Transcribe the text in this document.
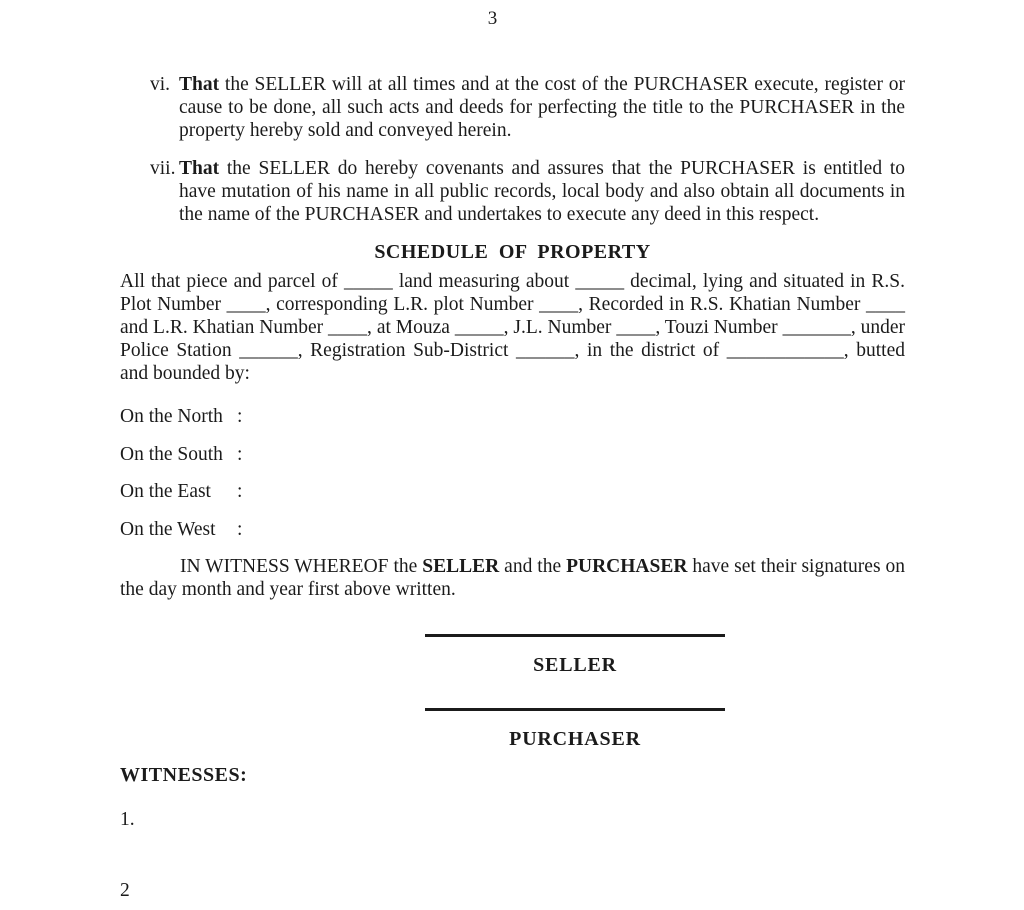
3
vi. That the SELLER will at all times and at the cost of the PURCHASER execute, register or cause to be done, all such acts and deeds for perfecting the title to the PURCHASER in the property hereby sold and conveyed herein.
vii. That the SELLER do hereby covenants and assures that the PURCHASER is entitled to have mutation of his name in all public records, local body and also obtain all documents in the name of the PURCHASER and undertakes to execute any deed in this respect.
SCHEDULE OF PROPERTY
All that piece and parcel of _____ land measuring about _____ decimal, lying and situated in R.S. Plot Number ____, corresponding L.R. plot Number ____, Recorded in R.S. Khatian Number ____ and L.R. Khatian Number ____, at Mouza _____, J.L. Number ____, Touzi Number _______, under Police Station ______, Registration Sub-District ______, in the district of ____________, butted and bounded by:
On the North :
On the South :
On the East :
On the West :
IN WITNESS WHEREOF the SELLER and the PURCHASER have set their signatures on the day month and year first above written.
SELLER
PURCHASER
WITNESSES:
1.
2
